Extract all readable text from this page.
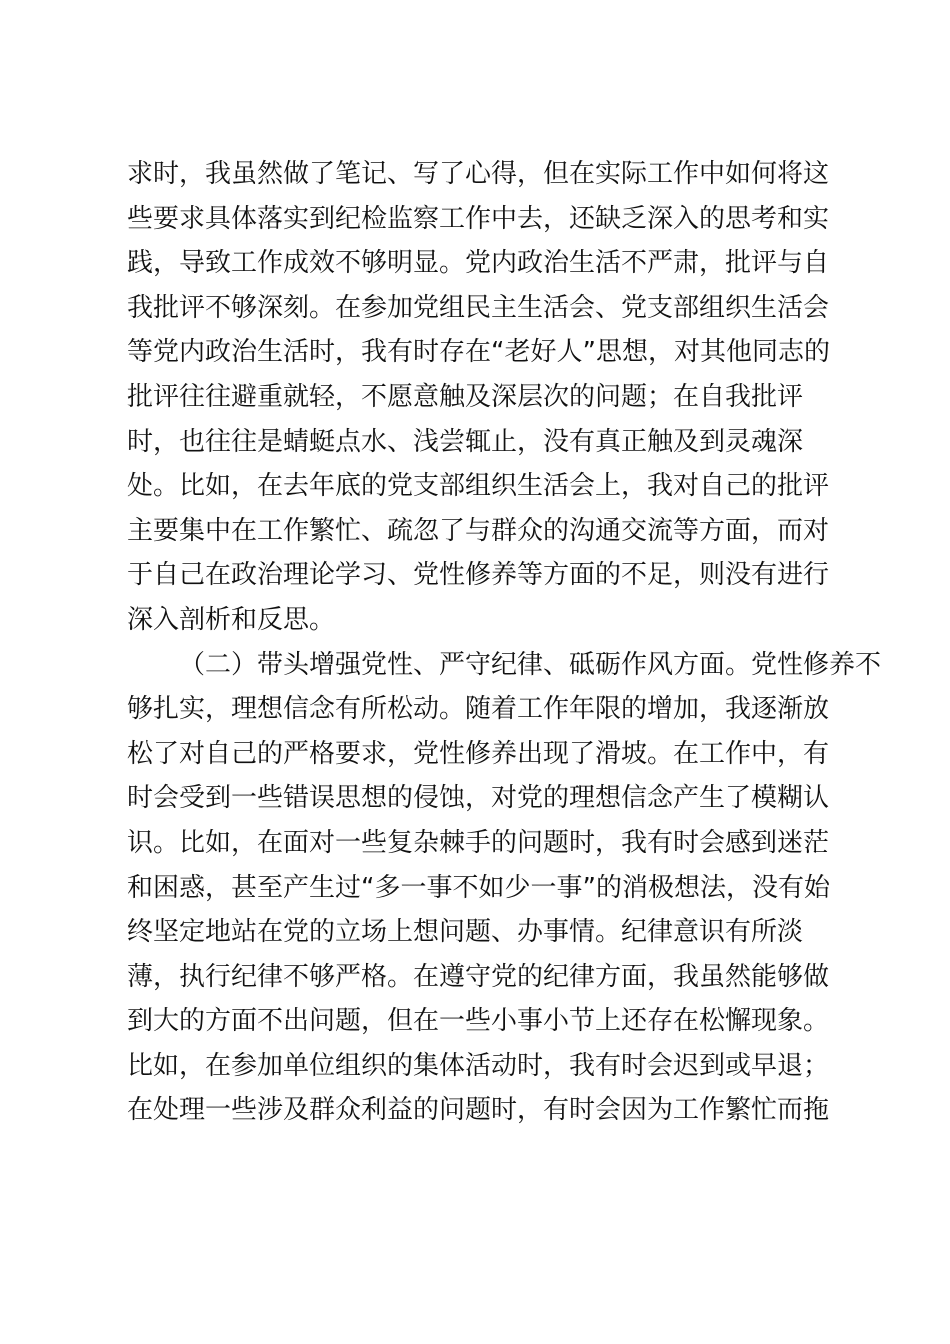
求时，我虽然做了笔记、写了心得，但在实际工作中如何将这
些要求具体落实到纪检监察工作中去，还缺乏深入的思考和实
践，导致工作成效不够明显。党内政治生活不严肃，批评与自
我批评不够深刻。在参加党组民主生活会、党支部组织生活会
等党内政治生活时，我有时存在“老好人”思想，对其他同志的
批评往往避重就轻，不愿意触及深层次的问题；在自我批评
时，也往往是蜻蜓点水、浅尝辄止，没有真正触及到灵魂深
处。比如，在去年底的党支部组织生活会上，我对自己的批评
主要集中在工作繁忙、疏忽了与群众的沟通交流等方面，而对
于自己在政治理论学习、党性修养等方面的不足，则没有进行
深入剖析和反思。
（二）带头增强党性、严守纪律、砥砺作风方面。党性修养不
够扎实，理想信念有所松动。随着工作年限的增加，我逐渐放
松了对自己的严格要求，党性修养出现了滑坡。在工作中，有
时会受到一些错误思想的侵蚀，对党的理想信念产生了模糊认
识。比如，在面对一些复杂棘手的问题时，我有时会感到迷茫
和困惑，甚至产生过“多一事不如少一事”的消极想法，没有始
终坚定地站在党的立场上想问题、办事情。纪律意识有所淡
薄，执行纪律不够严格。在遵守党的纪律方面，我虽然能够做
到大的方面不出问题，但在一些小事小节上还存在松懈现象。
比如，在参加单位组织的集体活动时，我有时会迟到或早退；
在处理一些涉及群众利益的问题时，有时会因为工作繁忙而拖
